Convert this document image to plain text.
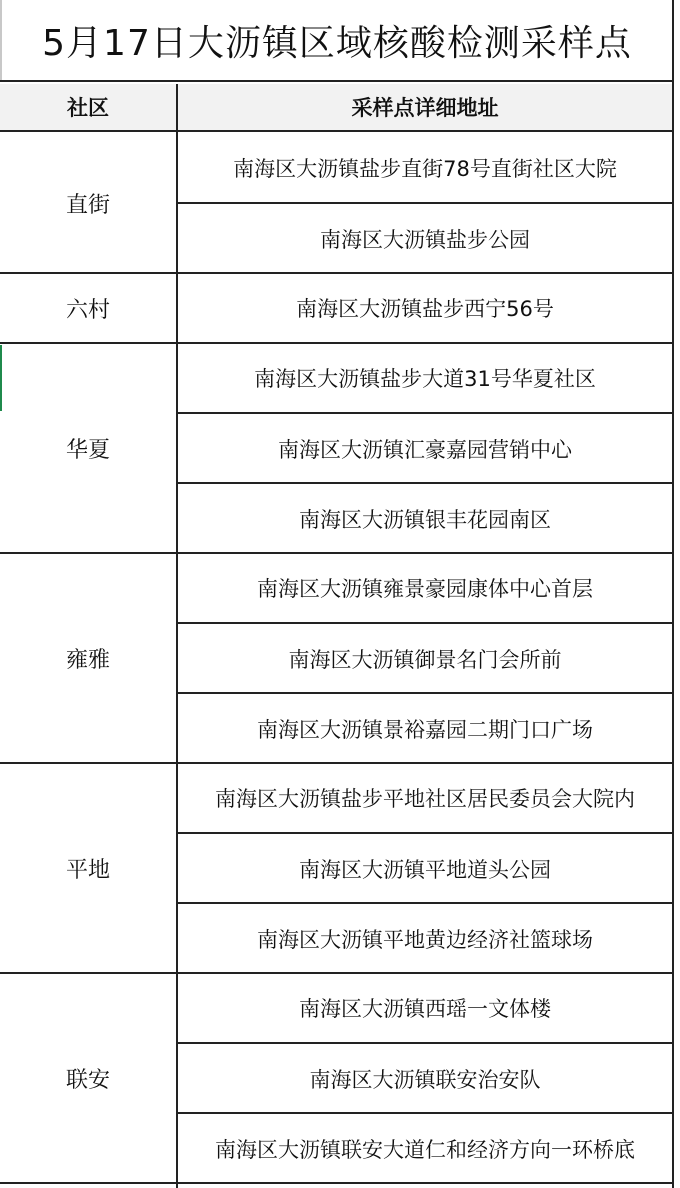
5月17日大沥镇区域核酸检测采样点
社区	采样点详细地址
直街
南海区大沥镇盐步直街78号直街社区大院
南海区大沥镇盐步公园
六村	南海区大沥镇盐步西宁56号
华夏
南海区大沥镇盐步大道31号华夏社区
南海区大沥镇汇豪嘉园营销中心
南海区大沥镇银丰花园南区
雍雅
南海区大沥镇雍景豪园康体中心首层
南海区大沥镇御景名门会所前
南海区大沥镇景裕嘉园二期门口广场
平地
南海区大沥镇盐步平地社区居民委员会大院内
南海区大沥镇平地道头公园
南海区大沥镇平地黄边经济社篮球场
联安
南海区大沥镇西瑶一文体楼
南海区大沥镇联安治安队
南海区大沥镇联安大道仁和经济方向一环桥底
